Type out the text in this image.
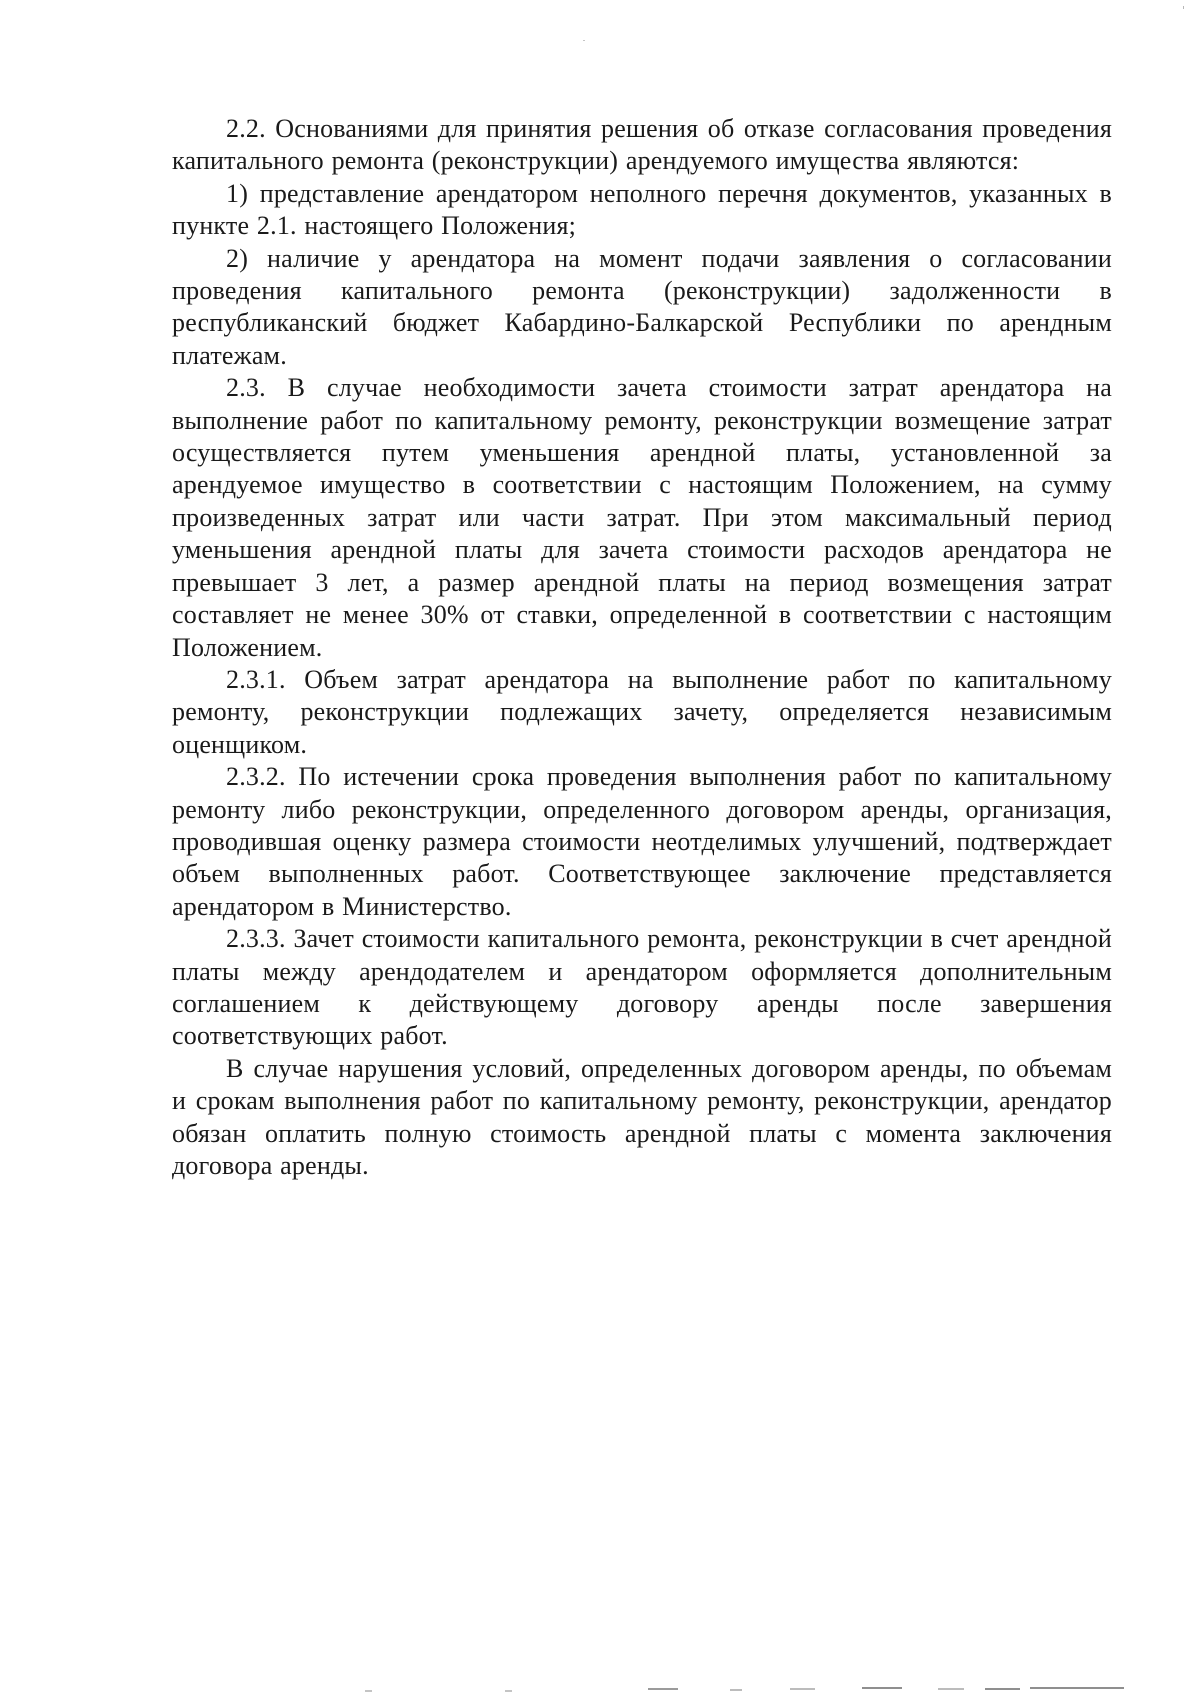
2.2. Основаниями для принятия решения об отказе согласования проведения капитального ремонта (реконструкции) арендуемого имущества являются:

1) представление арендатором неполного перечня документов, указанных в пункте 2.1. настоящего Положения;

2) наличие у арендатора на момент подачи заявления о согласовании проведения капитального ремонта (реконструкции) задолженности в республиканский бюджет Кабардино-Балкарской Республики по арендным платежам.

2.3. В случае необходимости зачета стоимости затрат арендатора на выполнение работ по капитальному ремонту, реконструкции возмещение затрат осуществляется путем уменьшения арендной платы, установленной за арендуемое имущество в соответствии с настоящим Положением, на сумму произведенных затрат или части затрат. При этом максимальный период уменьшения арендной платы для зачета стоимости расходов арендатора не превышает 3 лет, а размер арендной платы на период возмещения затрат составляет не менее 30% от ставки, определенной в соответствии с настоящим Положением.

2.3.1. Объем затрат арендатора на выполнение работ по капитальному ремонту, реконструкции подлежащих зачету, определяется независимым оценщиком.

2.3.2. По истечении срока проведения выполнения работ по капитальному ремонту либо реконструкции, определенного договором аренды, организация, проводившая оценку размера стоимости неотделимых улучшений, подтверждает объем выполненных работ. Соответствующее заключение представляется арендатором в Министерство.

2.3.3. Зачет стоимости капитального ремонта, реконструкции в счет арендной платы между арендодателем и арендатором оформляется дополнительным соглашением к действующему договору аренды после завершения соответствующих работ.

В случае нарушения условий, определенных договором аренды, по объемам и срокам выполнения работ по капитальному ремонту, реконструкции, арендатор обязан оплатить полную стоимость арендной платы с момента заключения договора аренды.
